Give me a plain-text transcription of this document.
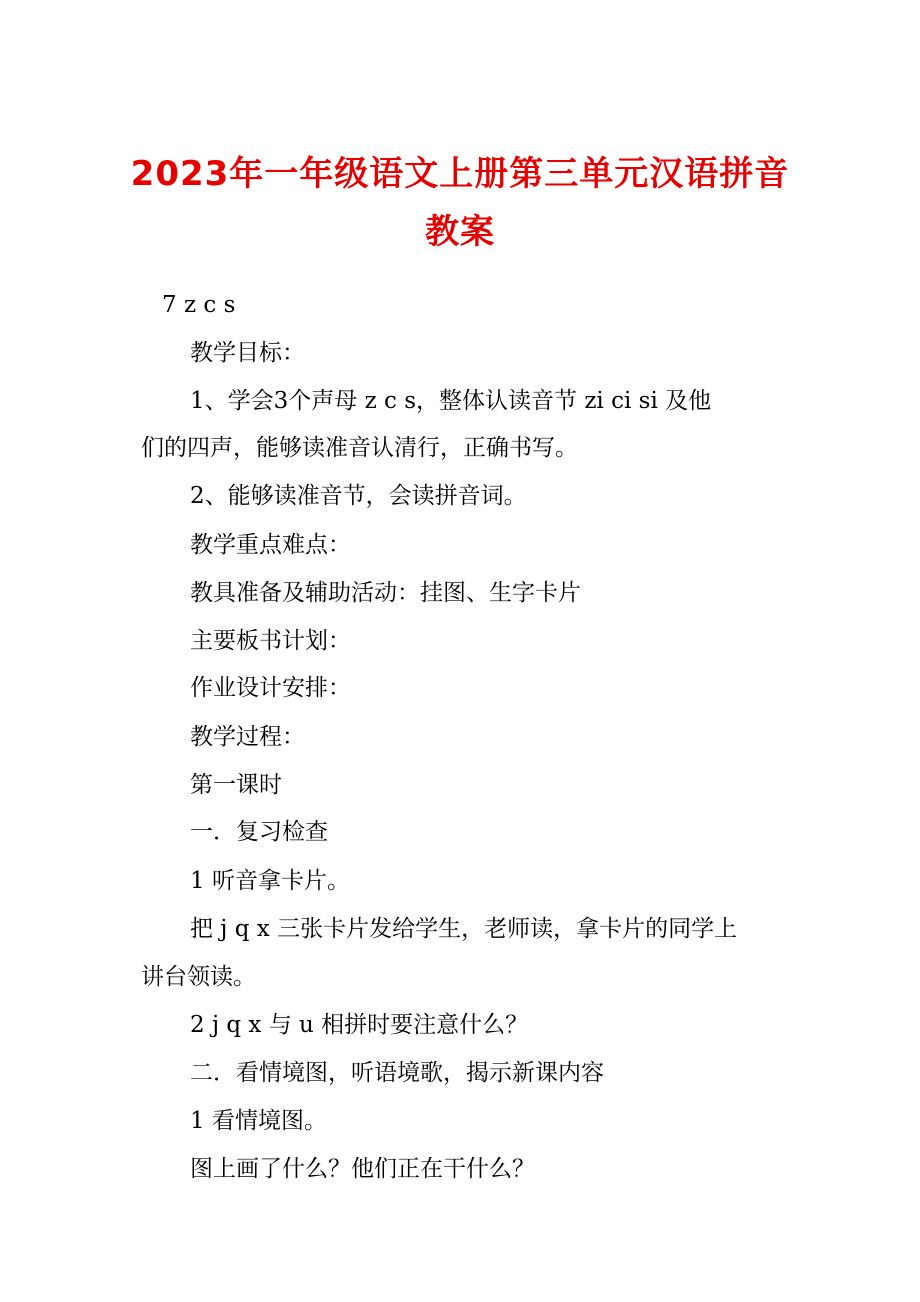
2023年一年级语文上册第三单元汉语拼音
教案
7 z c s
教学目标：
1、学会3个声母 z c s，整体认读音节 zi ci si 及他
们的四声，能够读准音认清行，正确书写。
2、能够读准音节，会读拼音词。
教学重点难点：
教具准备及辅助活动：挂图、生字卡片
主要板书计划：
作业设计安排：
教学过程：
第一课时
一．复习检查
1 听音拿卡片。
把 j q x 三张卡片发给学生，老师读，拿卡片的同学上
讲台领读。
2 j q x 与 u 相拼时要注意什么？
二．看情境图，听语境歌，揭示新课内容
1 看情境图。
图上画了什么？他们正在干什么？
